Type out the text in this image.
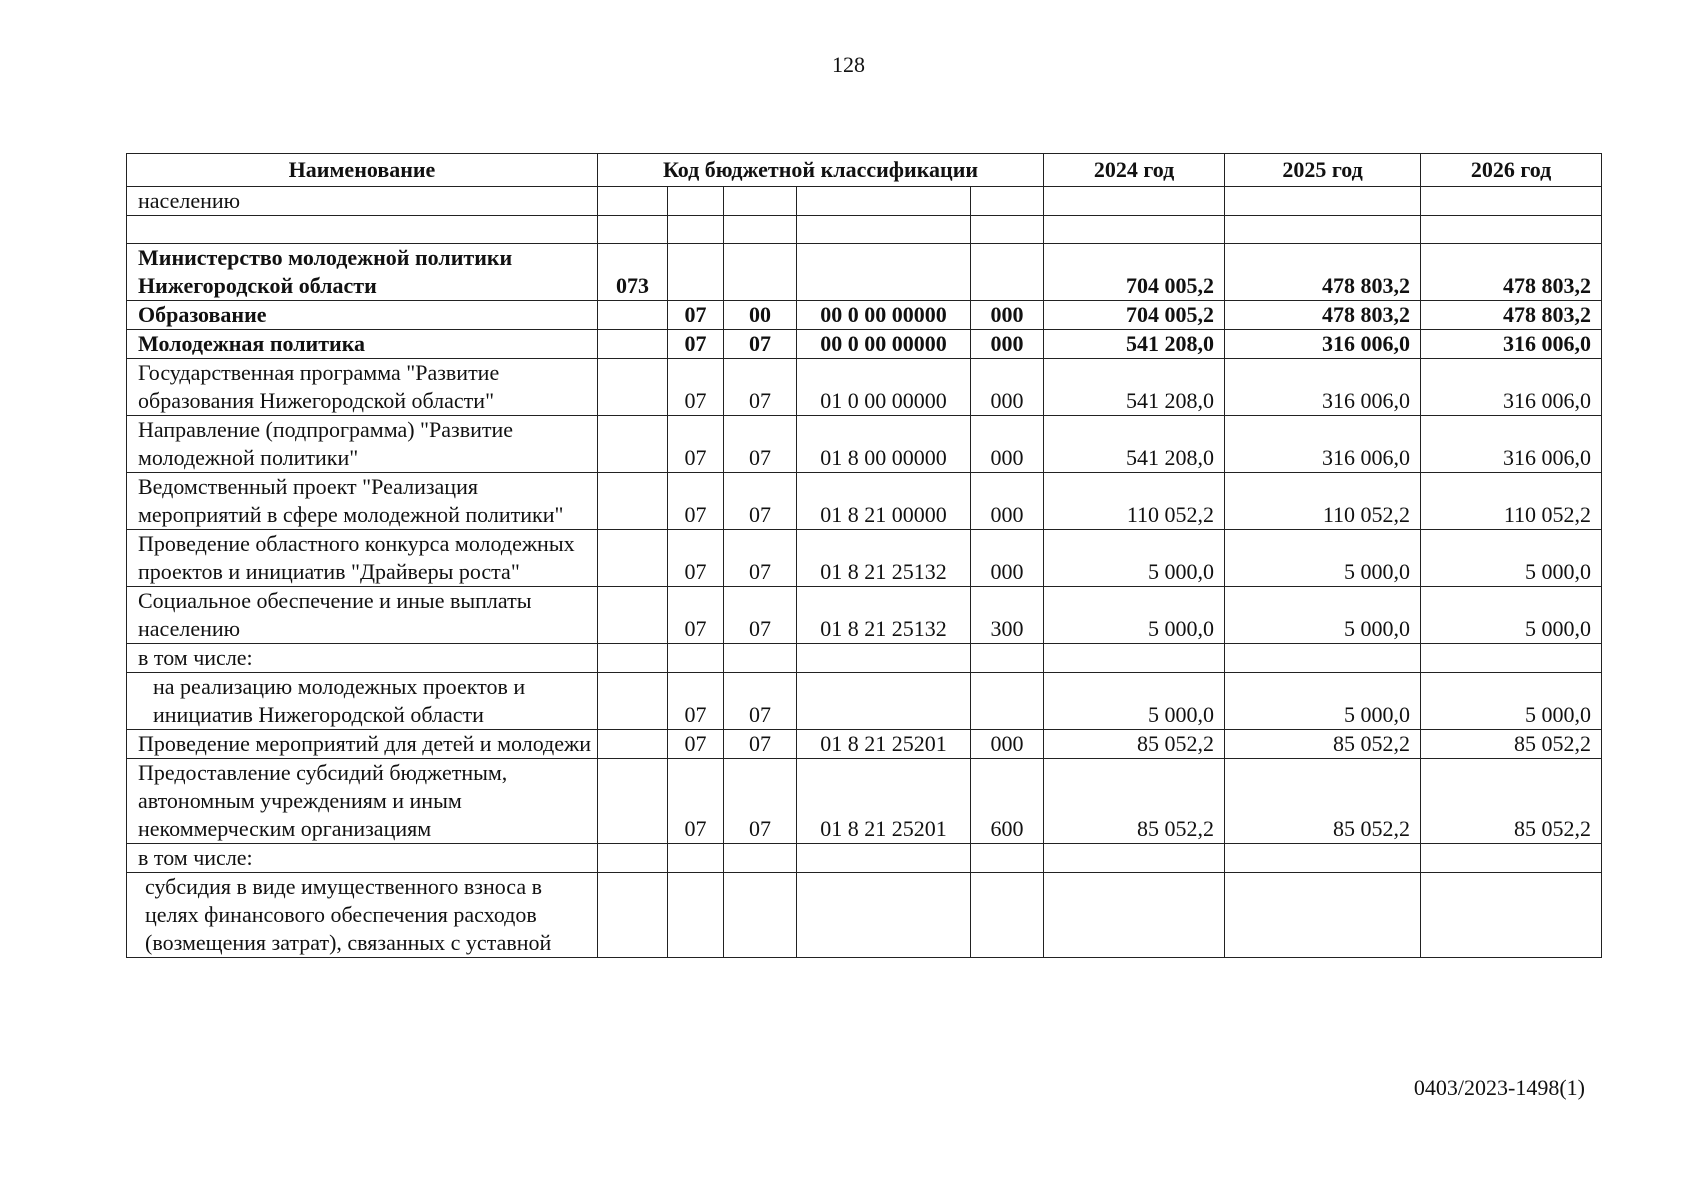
128
Наименование	Код бюджетной классификации					2024 год	2025 год	2026 год
населению								

Министерство молодежной политики Нижегородской области	073					704 005,2	478 803,2	478 803,2
Образование		07	00	00 0 00 00000	000	704 005,2	478 803,2	478 803,2
Молодежная политика		07	07	00 0 00 00000	000	541 208,0	316 006,0	316 006,0
Государственная программа "Развитие образования Нижегородской области"		07	07	01 0 00 00000	000	541 208,0	316 006,0	316 006,0
Направление (подпрограмма) "Развитие молодежной политики"		07	07	01 8 00 00000	000	541 208,0	316 006,0	316 006,0
Ведомственный проект "Реализация мероприятий в сфере молодежной политики"		07	07	01 8 21 00000	000	110 052,2	110 052,2	110 052,2
Проведение областного конкурса молодежных проектов и инициатив "Драйверы роста"		07	07	01 8 21 25132	000	5 000,0	5 000,0	5 000,0
Социальное обеспечение и иные выплаты населению		07	07	01 8 21 25132	300	5 000,0	5 000,0	5 000,0
в том числе:								
на реализацию молодежных проектов и инициатив Нижегородской области		07	07			5 000,0	5 000,0	5 000,0
Проведение мероприятий для детей и молодежи		07	07	01 8 21 25201	000	85 052,2	85 052,2	85 052,2
Предоставление субсидий бюджетным, автономным учреждениям и иным некоммерческим организациям		07	07	01 8 21 25201	600	85 052,2	85 052,2	85 052,2
в том числе:								
субсидия в виде имущественного взноса в целях финансового обеспечения расходов (возмещения затрат), связанных с уставной								
0403/2023-1498(1)
